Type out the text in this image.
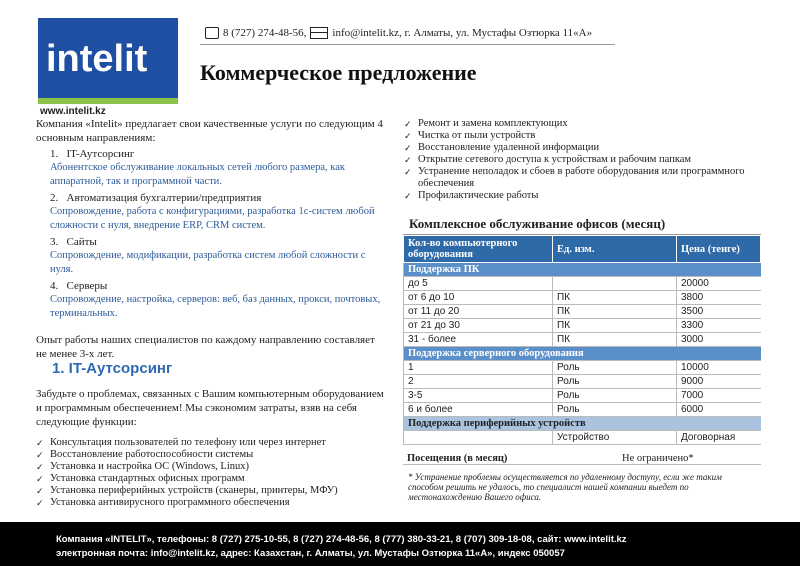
intelit
www.intelit.kz
8 (727) 274-48-56, info@intelit.kz, г. Алматы, ул. Мустафы Озтюрка 11«А»
Коммерческое предложение

Компания «Intelit» предлагает свои качественные услуги по следующим 4 основным направлениям:

1.   IT-Аутсорсинг
Абонентское обслуживание локальных сетей любого размера, как аппаратной, так и программной части.
2.   Автоматизация бухгалтерии/предприятия
Сопровождение, работа с конфигурациями, разработка 1с-систем любой сложности с нуля, внедрение ERP, CRM систем.
3.   Сайты
Сопровождение, модификации, разработка систем любой сложности с нуля.
4.   Серверы
Сопровождение, настройка, серверов: веб, баз данных, прокси, почтовых, терминальных.

Опыт работы наших специалистов по каждому направлению составляет не менее 3-х лет.

1. IT-Аутсорсинг
Забудьте о проблемах, связанных с Вашим компьютерным оборудованием и программным обеспечением! Мы сэкономим затраты, взяв на себя следующие функции:
✓ Консультация пользователей по телефону или через интернет
✓ Восстановление работоспособности системы
✓ Установка и настройка ОС (Windows, Linux)
✓ Установка стандартных офисных программ
✓ Установка периферийных устройств (сканеры, принтеры, МФУ)
✓ Установка антивирусного программного обеспечения
✓ Ремонт и замена комплектующих
✓ Чистка от пыли устройств
✓ Восстановление удаленной информации
✓ Открытие сетевого доступа к устройствам и рабочим папкам
✓ Устранение неполадок и сбоев в работе оборудования или программного обеспечения
✓ Профилактические работы
Комплексное обслуживание офисов (месяц)
Кол-во компьютерного оборудования	Ед. изм.	Цена (тенге)
Поддержка ПК		
до 5		20000
от 6 до 10	ПК	3800
от 11 до 20	ПК	3500
от 21 до 30	ПК	3300
31 - более	ПК	3000
Поддержка серверного оборудования		
1	Роль	10000
2	Роль	9000
3-5	Роль	7000
6 и более	Роль	6000
Поддержка периферийных устройств		
	Устройство	Договорная
Посещения (в месяц)	Не ограничено*
* Устранение проблемы осуществляется по удаленному доступу, если же таким способом решить не удалось, то специалист нашей компании выедет по местонахождению Вашего офиса.
Компания «INTELIT», телефоны: 8 (727) 275-10-55, 8 (727) 274-48-56, 8 (777) 380-33-21, 8 (707) 309-18-08, сайт: www.intelit.kz
электронная почта: info@intelit.kz, адрес: Казахстан, г. Алматы, ул. Мустафы Озтюрка 11«А», индекс 050057
